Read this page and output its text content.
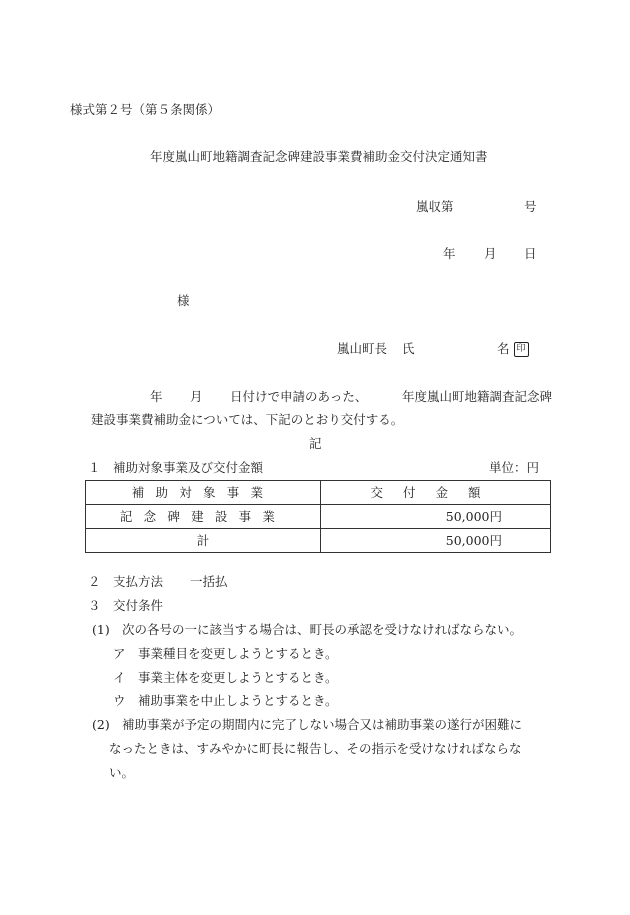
様式第２号（第５条関係）
年度嵐山町地籍調査記念碑建設事業費補助金交付決定通知書
嵐収第	号
年 月 日
様
嵐山町長 氏	名 印
年 月 日付けで申請のあった、	年度嵐山町地籍調査記念碑
建設事業費補助金については、下記のとおり交付する。
記
１　補助対象事業及び交付金額	単位：円
補助対象事業	交付金額
記念碑建設事業	50,000円
計	50,000円
２　支払方法 一括払
３　交付条件
(1) 次の各号の一に該当する場合は、町長の承認を受けなければならない。
ア　事業種目を変更しようとするとき。
イ　事業主体を変更しようとするとき。
ウ　補助事業を中止しようとするとき。
(2) 補助事業が予定の期間内に完了しない場合又は補助事業の遂行が困難に
なったときは、すみやかに町長に報告し、その指示を受けなければならな
い。
